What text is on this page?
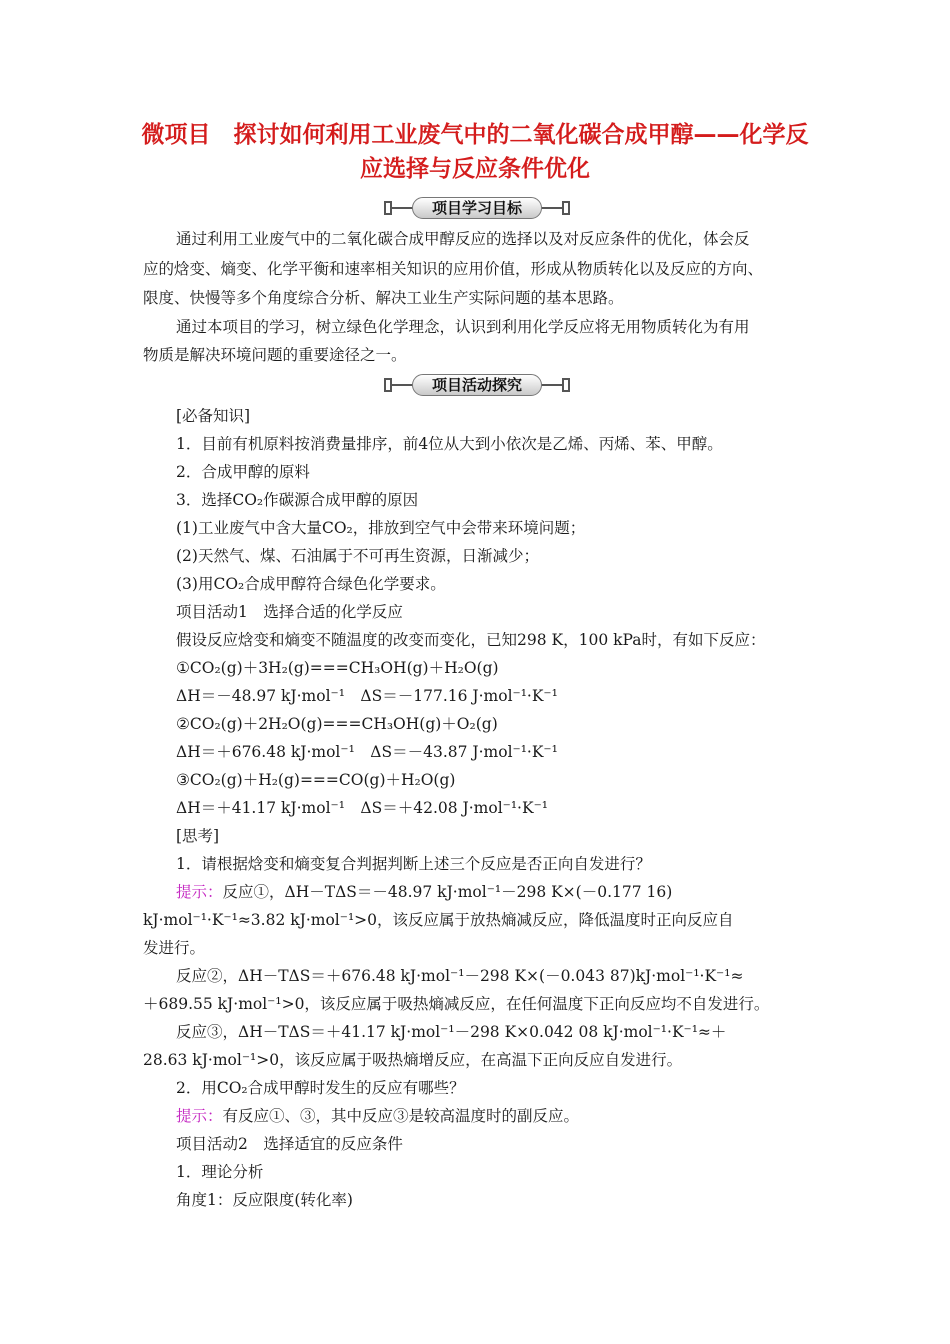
微项目　探讨如何利用工业废气中的二氧化碳合成甲醇——化学反
应选择与反应条件优化
项目学习目标
通过利用工业废气中的二氧化碳合成甲醇反应的选择以及对反应条件的优化，体会反
应的焓变、熵变、化学平衡和速率相关知识的应用价值，形成从物质转化以及反应的方向、
限度、快慢等多个角度综合分析、解决工业生产实际问题的基本思路。
通过本项目的学习，树立绿色化学理念，认识到利用化学反应将无用物质转化为有用
物质是解决环境问题的重要途径之一。
项目活动探究
[必备知识]
1．目前有机原料按消费量排序，前4位从大到小依次是乙烯、丙烯、苯、甲醇。
2．合成甲醇的原料
3．选择CO₂作碳源合成甲醇的原因
(1)工业废气中含大量CO₂，排放到空气中会带来环境问题；
(2)天然气、煤、石油属于不可再生资源，日渐减少；
(3)用CO₂合成甲醇符合绿色化学要求。
项目活动1　选择合适的化学反应
假设反应焓变和熵变不随温度的改变而变化，已知298 K，100 kPa时，有如下反应：
①CO₂(g)＋3H₂(g)===CH₃OH(g)＋H₂O(g)
ΔH＝－48.97 kJ·mol⁻¹　ΔS＝－177.16 J·mol⁻¹·K⁻¹
②CO₂(g)＋2H₂O(g)===CH₃OH(g)＋O₂(g)
ΔH＝＋676.48 kJ·mol⁻¹　ΔS＝－43.87 J·mol⁻¹·K⁻¹
③CO₂(g)＋H₂(g)===CO(g)＋H₂O(g)
ΔH＝＋41.17 kJ·mol⁻¹　ΔS＝＋42.08 J·mol⁻¹·K⁻¹
[思考]
1．请根据焓变和熵变复合判据判断上述三个反应是否正向自发进行？
提示：反应①，ΔH－TΔS＝－48.97 kJ·mol⁻¹－298 K×(－0.177 16)
kJ·mol⁻¹·K⁻¹≈3.82 kJ·mol⁻¹>0，该反应属于放热熵减反应，降低温度时正向反应自
发进行。
反应②，ΔH－TΔS＝＋676.48 kJ·mol⁻¹－298 K×(－0.043 87)kJ·mol⁻¹·K⁻¹≈
＋689.55 kJ·mol⁻¹>0，该反应属于吸热熵减反应，在任何温度下正向反应均不自发进行。
反应③，ΔH－TΔS＝＋41.17 kJ·mol⁻¹－298 K×0.042 08 kJ·mol⁻¹·K⁻¹≈＋
28.63 kJ·mol⁻¹>0，该反应属于吸热熵增反应，在高温下正向反应自发进行。
2．用CO₂合成甲醇时发生的反应有哪些？
提示：有反应①、③，其中反应③是较高温度时的副反应。
项目活动2　选择适宜的反应条件
1．理论分析
角度1：反应限度(转化率)
